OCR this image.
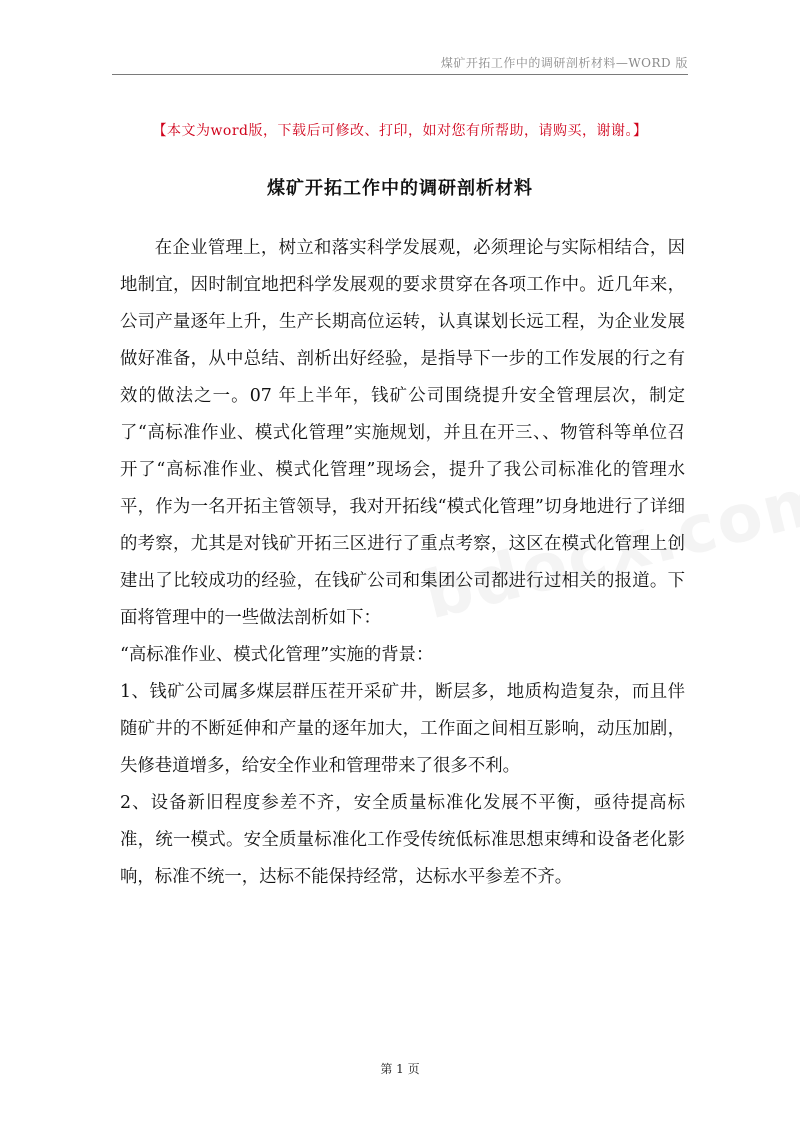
煤矿开拓工作中的调研剖析材料—WORD 版
【本文为word版，下载后可修改、打印，如对您有所帮助，请购买，谢谢。】
煤矿开拓工作中的调研剖析材料

在企业管理上，树立和落实科学发展观，必须理论与实际相结合，因地制宜，因时制宜地把科学发展观的要求贯穿在各项工作中。近几年来，公司产量逐年上升，生产长期高位运转，认真谋划长远工程，为企业发展做好准备，从中总结、剖析出好经验，是指导下一步的工作发展的行之有效的做法之一。07 年上半年，钱矿公司围绕提升安全管理层次，制定了“高标准作业、模式化管理”实施规划，并且在开三、、物管科等单位召开了“高标准作业、模式化管理”现场会，提升了我公司标准化的管理水平，作为一名开拓主管领导，我对开拓线“模式化管理”切身地进行了详细的考察，尤其是对钱矿开拓三区进行了重点考察，这区在模式化管理上创建出了比较成功的经验，在钱矿公司和集团公司都进行过相关的报道。下面将管理中的一些做法剖析如下：

“高标准作业、模式化管理”实施的背景：

1、钱矿公司属多煤层群压茬开采矿井，断层多，地质构造复杂，而且伴随矿井的不断延伸和产量的逐年加大，工作面之间相互影响，动压加剧，失修巷道增多，给安全作业和管理带来了很多不利。

2、设备新旧程度参差不齐，安全质量标准化发展不平衡，亟待提高标准，统一模式。安全质量标准化工作受传统低标准思想束缚和设备老化影响，标准不统一，达标不能保持经常，达标水平参差不齐。

第 1 页
